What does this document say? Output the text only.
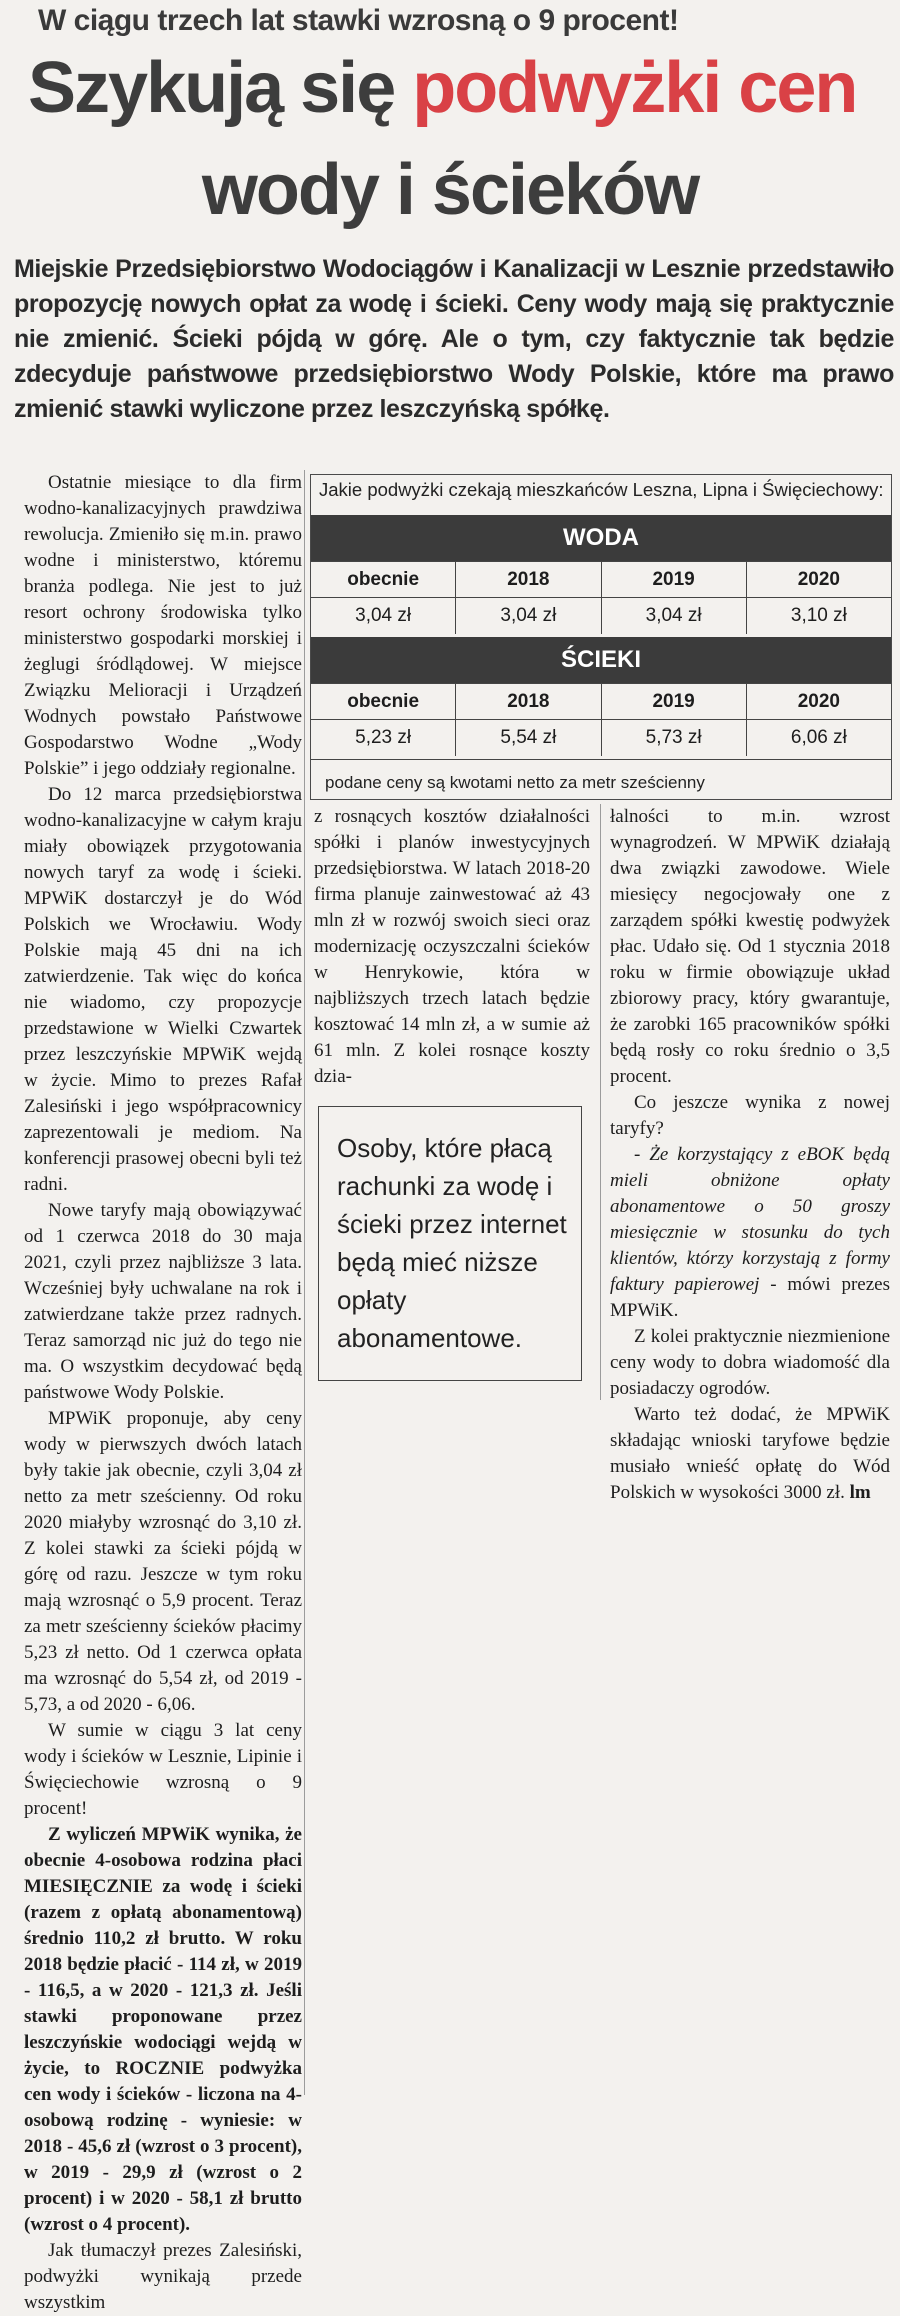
W ciągu trzech lat stawki wzrosną o 9 procent!
Szykują się podwyżki cen
wody i ścieków

Miejskie Przedsiębiorstwo Wodociągów i Kanalizacji w Lesznie przedstawiło propozycję nowych opłat za wodę i ścieki. Ceny wody mają się praktycznie nie zmienić. Ścieki pójdą w górę. Ale o tym, czy faktycznie tak będzie zdecyduje państwowe przedsiębiorstwo Wody Polskie, które ma prawo zmienić stawki wyliczone przez leszczyńską spółkę.

Ostatnie miesiące to dla firm wodno-kanalizacyjnych prawdziwa rewolucja. Zmieniło się m.in. prawo wodne i ministerstwo, któremu branża podlega. Nie jest to już resort ochrony środowiska tylko ministerstwo gospodarki morskiej i żeglugi śródlądowej. W miejsce Związku Melioracji i Urządzeń Wodnych powstało Państwowe Gospodarstwo Wodne „Wody Polskie” i jego oddziały regionalne.

Do 12 marca przedsiębiorstwa wodno-kanalizacyjne w całym kraju miały obowiązek przygotowania nowych taryf za wodę i ścieki. MPWiK dostarczył je do Wód Polskich we Wrocławiu. Wody Polskie mają 45 dni na ich zatwierdzenie. Tak więc do końca nie wiadomo, czy propozycje przedstawione w Wielki Czwartek przez leszczyńskie MPWiK wejdą w życie. Mimo to prezes Rafał Zalesiński i jego współpracownicy zaprezentowali je mediom. Na konferencji prasowej obecni byli też radni.

Nowe taryfy mają obowiązywać od 1 czerwca 2018 do 30 maja 2021, czyli przez najbliższe 3 lata. Wcześniej były uchwalane na rok i zatwierdzane także przez radnych. Teraz samorząd nic już do tego nie ma. O wszystkim decydować będą państwowe Wody Polskie.

MPWiK proponuje, aby ceny wody w pierwszych dwóch latach były takie jak obecnie, czyli 3,04 zł netto za metr sześcienny. Od roku 2020 miałyby wzrosnąć do 3,10 zł. Z kolei stawki za ścieki pójdą w górę od razu. Jeszcze w tym roku mają wzrosnąć o 5,9 procent. Teraz za metr sześcienny ścieków płacimy 5,23 zł netto. Od 1 czerwca opłata ma wzrosnąć do 5,54 zł, od 2019 - 5,73, a od 2020 - 6,06.

W sumie w ciągu 3 lat ceny wody i ścieków w Lesznie, Lipinie i Święciechowie wzrosną o 9 procent!

Z wyliczeń MPWiK wynika, że obecnie 4-osobowa rodzina płaci MIESIĘCZNIE za wodę i ścieki (razem z opłatą abonamentową) średnio 110,2 zł brutto. W roku 2018 będzie płacić - 114 zł, w 2019 - 116,5, a w 2020 - 121,3 zł. Jeśli stawki proponowane przez leszczyńskie wodociągi wejdą w życie, to ROCZNIE podwyżka cen wody i ścieków - liczona na 4-osobową rodzinę - wyniesie: w 2018 - 45,6 zł (wzrost o 3 procent), w 2019 - 29,9 zł (wzrost o 2 procent) i w 2020 - 58,1 zł brutto (wzrost o 4 procent).

Jak tłumaczył prezes Zalesiński, podwyżki wynikają przede wszystkim

Jakie podwyżki czekają mieszkańców Leszna, Lipna i Święciechowy:
WODA
obecnie	2018	2019	2020
3,04 zł	3,04 zł	3,04 zł	3,10 zł
ŚCIEKI
obecnie	2018	2019	2020
5,23 zł	5,54 zł	5,73 zł	6,06 zł
podane ceny są kwotami netto za metr sześcienny

z rosnących kosztów działalności spółki i planów inwestycyjnych przedsiębiorstwa. W latach 2018-20 firma planuje zainwestować aż 43 mln zł w rozwój swoich sieci oraz modernizację oczyszczalni ścieków w Henrykowie, która w najbliższych trzech latach będzie kosztować 14 mln zł, a w sumie aż 61 mln. Z kolei rosnące koszty dzia-

Osoby, które płacą rachunki za wodę i ścieki przez internet będą mieć niższe opłaty abonamentowe.

łalności to m.in. wzrost wynagrodzeń. W MPWiK działają dwa związki zawodowe. Wiele miesięcy negocjowały one z zarządem spółki kwestię podwyżek płac. Udało się. Od 1 stycznia 2018 roku w firmie obowiązuje układ zbiorowy pracy, który gwarantuje, że zarobki 165 pracowników spółki będą rosły co roku średnio o 3,5 procent.

Co jeszcze wynika z nowej taryfy?

- Że korzystający z eBOK będą mieli obniżone opłaty abonamentowe o 50 groszy miesięcznie w stosunku do tych klientów, którzy korzystają z formy faktury papierowej - mówi prezes MPWiK.

Z kolei praktycznie niezmienione ceny wody to dobra wiadomość dla posiadaczy ogrodów.

Warto też dodać, że MPWiK składając wnioski taryfowe będzie musiało wnieść opłatę do Wód Polskich w wysokości 3000 zł. lm
